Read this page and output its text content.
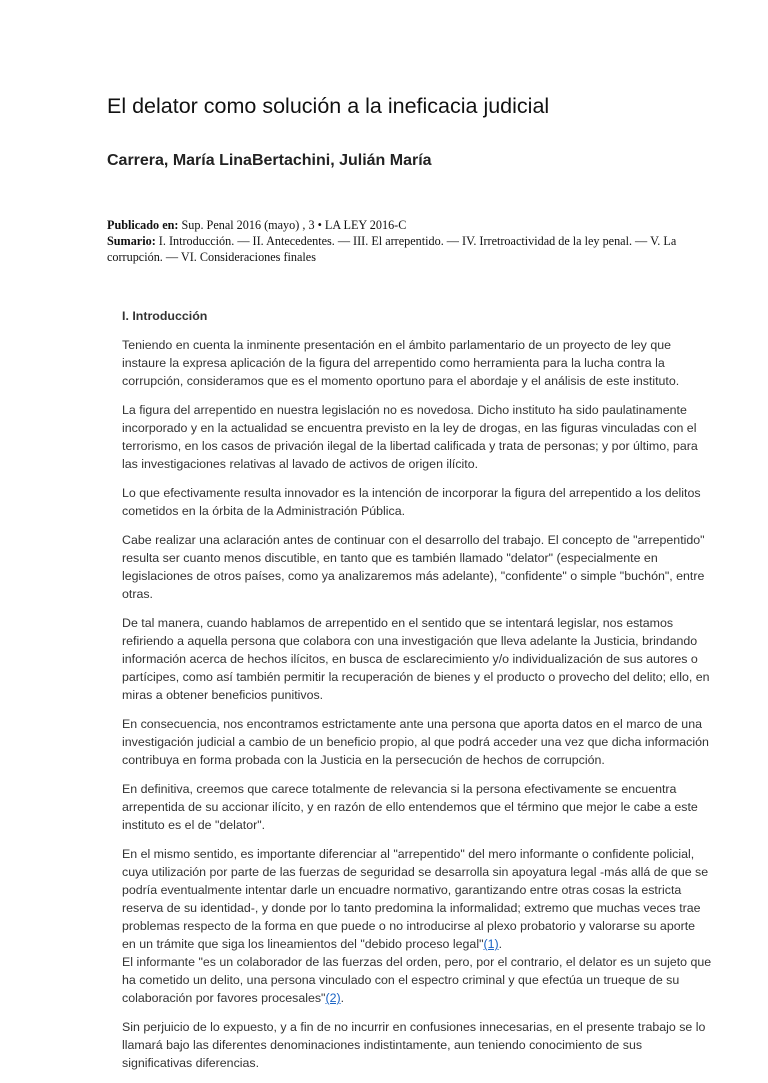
El delator como solución a la ineficacia judicial
Carrera, María LinaBertachini, Julián María
Publicado en: Sup. Penal 2016 (mayo) , 3 • LA LEY 2016-C
Sumario: I. Introducción. — II. Antecedentes. — III. El arrepentido. — IV. Irretroactividad de la ley penal. — V. La corrupción. — VI. Consideraciones finales
I. Introducción

Teniendo en cuenta la inminente presentación en el ámbito parlamentario de un proyecto de ley que instaure la expresa aplicación de la figura del arrepentido como herramienta para la lucha contra la corrupción, consideramos que es el momento oportuno para el abordaje y el análisis de este instituto.

La figura del arrepentido en nuestra legislación no es novedosa. Dicho instituto ha sido paulatinamente incorporado y en la actualidad se encuentra previsto en la ley de drogas, en las figuras vinculadas con el terrorismo, en los casos de privación ilegal de la libertad calificada y trata de personas; y por último, para las investigaciones relativas al lavado de activos de origen ilícito.

Lo que efectivamente resulta innovador es la intención de incorporar la figura del arrepentido a los delitos cometidos en la órbita de la Administración Pública.

Cabe realizar una aclaración antes de continuar con el desarrollo del trabajo. El concepto de "arrepentido" resulta ser cuanto menos discutible, en tanto que es también llamado "delator" (especialmente en legislaciones de otros países, como ya analizaremos más adelante), "confidente" o simple "buchón", entre otras.

De tal manera, cuando hablamos de arrepentido en el sentido que se intentará legislar, nos estamos refiriendo a aquella persona que colabora con una investigación que lleva adelante la Justicia, brindando información acerca de hechos ilícitos, en busca de esclarecimiento y/o individualización de sus autores o partícipes, como así también permitir la recuperación de bienes y el producto o provecho del delito; ello, en miras a obtener beneficios punitivos.

En consecuencia, nos encontramos estrictamente ante una persona que aporta datos en el marco de una investigación judicial a cambio de un beneficio propio, al que podrá acceder una vez que dicha información contribuya en forma probada con la Justicia en la persecución de hechos de corrupción.

En definitiva, creemos que carece totalmente de relevancia si la persona efectivamente se encuentra arrepentida de su accionar ilícito, y en razón de ello entendemos que el término que mejor le cabe a este instituto es el de "delator".

En el mismo sentido, es importante diferenciar al "arrepentido" del mero informante o confidente policial, cuya utilización por parte de las fuerzas de seguridad se desarrolla sin apoyatura legal -más allá de que se podría eventualmente intentar darle un encuadre normativo, garantizando entre otras cosas la estricta reserva de su identidad-, y donde por lo tanto predomina la informalidad; extremo que muchas veces trae problemas respecto de la forma en que puede o no introducirse al plexo probatorio y valorarse su aporte en un trámite que siga los lineamientos del "debido proceso legal"(1).

El informante "es un colaborador de las fuerzas del orden, pero, por el contrario, el delator es un sujeto que ha cometido un delito, una persona vinculado con el espectro criminal y que efectúa un trueque de su colaboración por favores procesales"(2).

Sin perjuicio de lo expuesto, y a fin de no incurrir en confusiones innecesarias, en el presente trabajo se lo llamará bajo las diferentes denominaciones indistintamente, aun teniendo conocimiento de sus significativas diferencias.
